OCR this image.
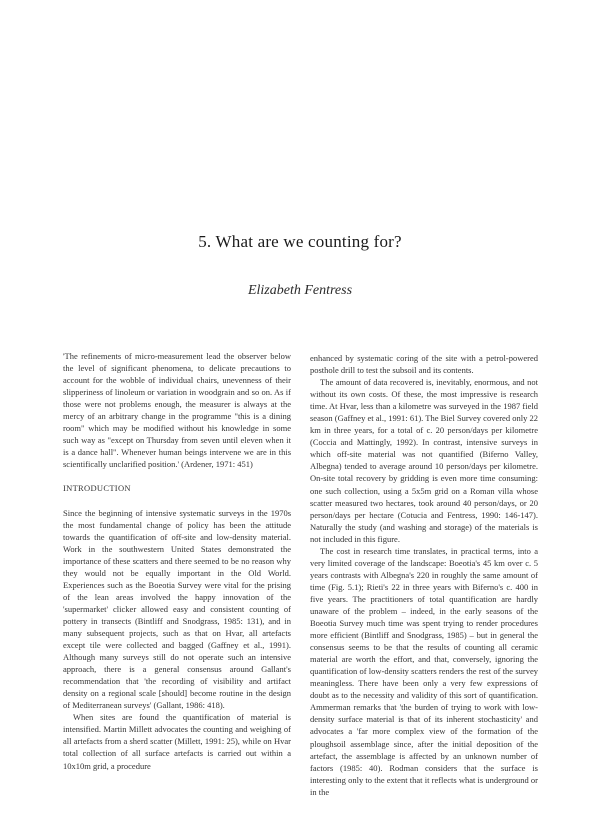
5. What are we counting for?
Elizabeth Fentress

'The refinements of micro-measurement lead the observer below the level of significant phenomena, to delicate precautions to account for the wobble of individual chairs, unevenness of their slipperiness of linoleum or variation in woodgrain and so on. As if those were not problems enough, the measurer is always at the mercy of an arbitrary change in the programme "this is a dining room" which may be modified without his knowledge in some such way as "except on Thursday from seven until eleven when it is a dance hall". Whenever human beings intervene we are in this scientifically unclarified position.' (Ardener, 1971: 451)

INTRODUCTION

Since the beginning of intensive systematic surveys in the 1970s the most fundamental change of policy has been the attitude towards the quantification of off-site and low-density material. Work in the southwestern United States demonstrated the importance of these scatters and there seemed to be no reason why they would not be equally important in the Old World. Experiences such as the Boeotia Survey were vital for the prising of the lean areas involved the happy innovation of the 'supermarket' clicker allowed easy and consistent counting of pottery in transects (Bintliff and Snodgrass, 1985: 131), and in many subsequent projects, such as that on Hvar, all artefacts except tile were collected and bagged (Gaffney et al., 1991). Although many surveys still do not operate such an intensive approach, there is a general consensus around Gallant's recommendation that 'the recording of visibility and artifact density on a regional scale [should] become routine in the design of Mediterranean surveys' (Gallant, 1986: 418).

When sites are found the quantification of material is intensified. Martin Millett advocates the counting and weighing of all artefacts from a sherd scatter (Millett, 1991: 25), while on Hvar total collection of all surface artefacts is carried out within a 10x10m grid, a procedure

enhanced by systematic coring of the site with a petrol-powered posthole drill to test the subsoil and its contents.

The amount of data recovered is, inevitably, enormous, and not without its own costs. Of these, the most impressive is research time. At Hvar, less than a kilometre was surveyed in the 1987 field season (Gaffney et al., 1991: 61). The Biel Survey covered only 22 km in three years, for a total of c. 20 person/days per kilometre (Coccia and Mattingly, 1992). In contrast, intensive surveys in which off-site material was not quantified (Biferno Valley, Albegna) tended to average around 10 person/days per kilometre. On-site total recovery by gridding is even more time consuming: one such collection, using a 5x5m grid on a Roman villa whose scatter measured two hectares, took around 40 person/days, or 20 person/days per hectare (Cotucia and Fentress, 1990: 146-147). Naturally the study (and washing and storage) of the materials is not included in this figure.

The cost in research time translates, in practical terms, into a very limited coverage of the landscape: Boeotia's 45 km over c. 5 years contrasts with Albegna's 220 in roughly the same amount of time (Fig. 5.1); Rieti's 22 in three years with Biferno's c. 400 in five years. The practitioners of total quantification are hardly unaware of the problem – indeed, in the early seasons of the Boeotia Survey much time was spent trying to render procedures more efficient (Bintliff and Snodgrass, 1985) – but in general the consensus seems to be that the results of counting all ceramic material are worth the effort, and that, conversely, ignoring the quantification of low-density scatters renders the rest of the survey meaningless. There have been only a very few expressions of doubt as to the necessity and validity of this sort of quantification. Ammerman remarks that 'the burden of trying to work with low-density surface material is that of its inherent stochasticity' and advocates a 'far more complex view of the formation of the ploughsoil assemblage since, after the initial deposition of the artefact, the assemblage is affected by an unknown number of factors (1985: 40). Rodman considers that the surface is interesting only to the extent that it reflects what is underground or in the
